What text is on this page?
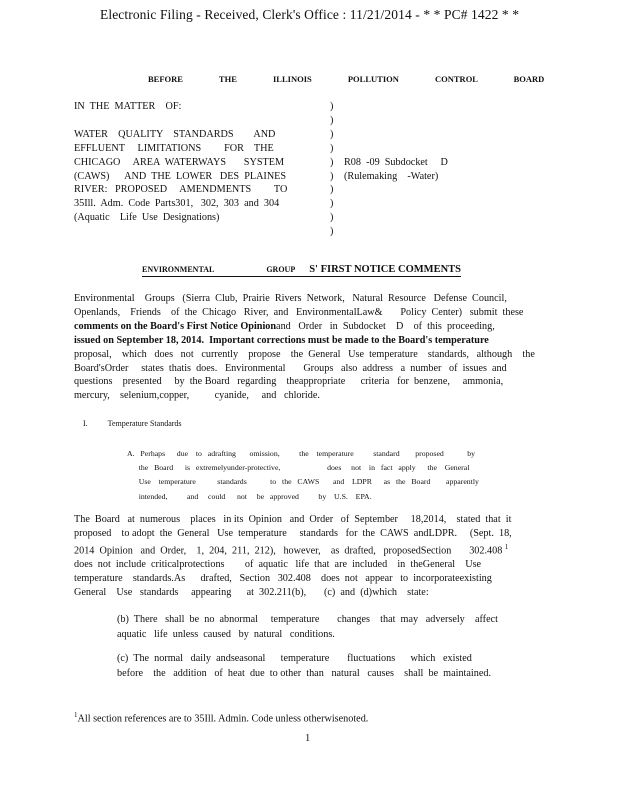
Electronic Filing - Received, Clerk's Office : 11/21/2014 - * * PC# 1422 * *
BEFORE THE ILLINOIS POLLUTION CONTROL BOARD
IN  THE  MATTER    OF:

WATER    QUALITY    STANDARDS        AND
EFFLUENT     LIMITATIONS         FOR    THE
CHICAGO     AREA  WATERWAYS       SYSTEM
(CAWS)      AND  THE  LOWER   DES  PLAINES
RIVER:   PROPOSED     AMENDMENTS         TO
35Ill.  Adm.  Code  Parts301,   302,  303  and  304
(Aquatic    Life  Use  Designations)
)
)
)
)
)
)
)
)
)
)
R08  -09  Subdocket     D
(Rulemaking    -Water)
ENVIRONMENTAL	GROUP S' FIRST NOTICE COMMENTS
Environmental    Groups   (Sierra  Club,  Prairie  Rivers  Network,   Natural  Resource   Defense  Council,
Openlands,    Friends    of  the  Chicago   River,  and   EnvironmentalLaw&       Policy  Center)   submit  these
comments on the Board's First Notice Opinionand   Order   in  Subdocket    D of  this  proceeding,
issued on September 18, 2014.  Important corrections must be made to the Board's temperature
proposal,    which   does   not   currently    propose    the  General   Use  temperature    standards,   although    the
Board'sOrder     states  thatis  does.   Environmental       Groups   also  address   a  number   of  issues  and
questions    presented     by  the Board   regarding    theappropriate      criteria   for  benzene,     ammonia,
mercury,    selenium,copper,          cyanide,     and   chloride.
I.	Temperature Standards
A.   Perhaps      due    to   adrafting       omission,          the    temperature          standard        proposed            by
the   Board      is   extremelyunder-protective,                        does     not    in   fact   apply      the    General
Use    temperature           standards            to   the   CAWS       and    LDPR      as   the   Board        apparently
intended,          and     could      not     be   approved          by    U.S.    EPA.
The  Board   at  numerous    places   in its  Opinion   and  Order   of  September     18,2014,    stated  that  it
proposed    to adopt  the  General   Use  temperature     standards   for  the  CAWS  andLDPR.     (Sept.  18,
2014  Opinion   and  Order,    1,  204,  211,  212),   however,    as  drafted,   proposedSection       302.408 $^1$
does  not  include  criticalprotections        of  aquatic   life  that  are  included    in  theGeneral    Use
temperature    standards.As      drafted,   Section   302.408    does  not   appear   to  incorporateexisting
General    Use   standards     appearing      at  302.211(b),       (c)  and  (d)which    state:
(b)  There   shall  be  no  abnormal     temperature       changes    that  may   adversely    affect
aquatic   life  unless  caused   by  natural   conditions.
(c)  The  normal   daily  andseasonal      temperature       fluctuations      which   existed
before    the   addition   of  heat  due  to other  than   natural   causes    shall  be  maintained.
$^1$All section references are to 35Ill. Admin. Code unless otherwisenoted.
1
